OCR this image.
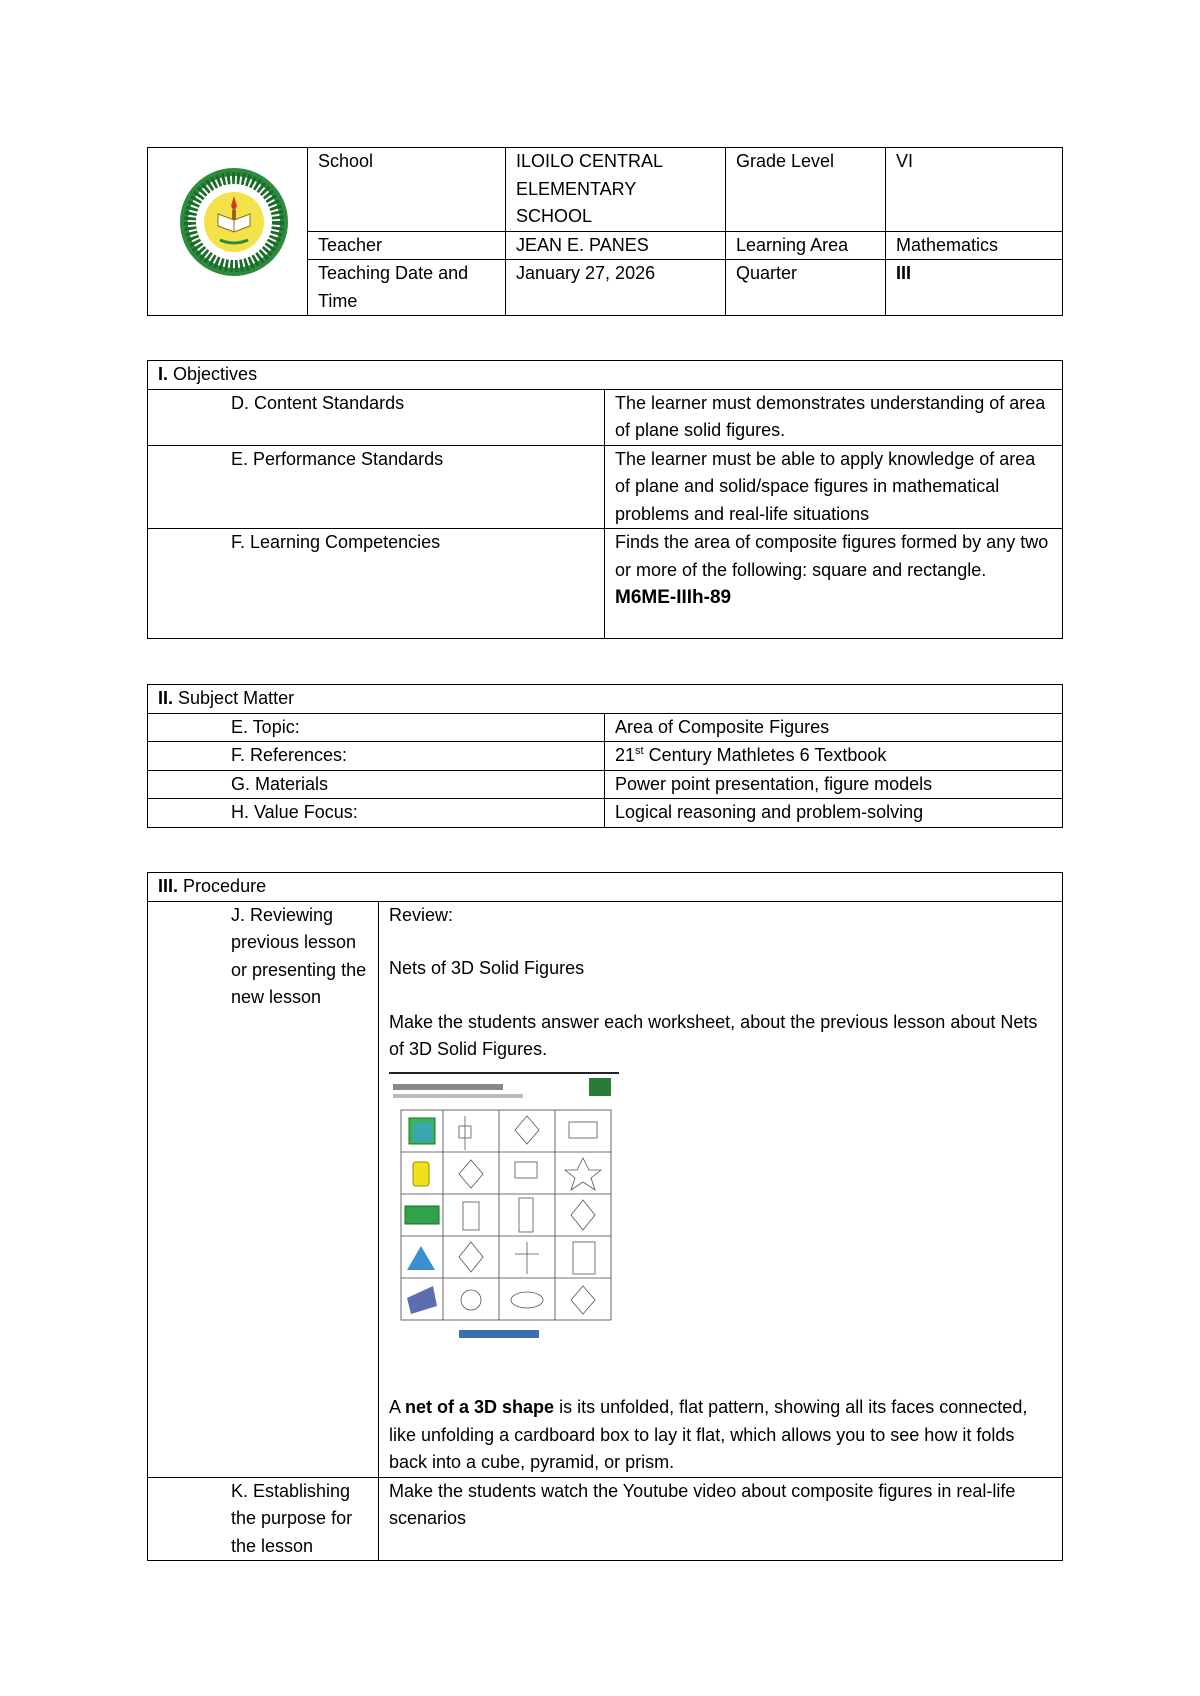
	School	ILOILO CENTRAL ELEMENTARY SCHOOL	Grade Level	VI
	Teacher	JEAN E. PANES	Learning Area	Mathematics
	Teaching Date and Time	January 27, 2026	Quarter	III
I. Objectives	
D. Content Standards	The learner must demonstrates understanding of area of plane solid figures.
E. Performance Standards	The learner must be able to apply knowledge of area of plane and solid/space figures in mathematical problems and real-life situations
F. Learning Competencies	Finds the area of composite figures formed by any two or more of the following: square and rectangle.
M6ME-IIIh-89
II. Subject Matter	
E. Topic:	Area of Composite Figures
F. References:	21st Century Mathletes 6 Textbook
G. Materials	Power point presentation, figure models
H. Value Focus:	Logical reasoning and problem-solving
III. Procedure	
J. Reviewing previous lesson or presenting the new lesson	Review:
Nets of 3D Solid Figures
Make the students answer each worksheet, about the previous lesson about Nets of 3D Solid Figures.
A net of a 3D shape is its unfolded, flat pattern, showing all its faces connected, like unfolding a cardboard box to lay it flat, which allows you to see how it folds back into a cube, pyramid, or prism.

K. Establishing the purpose for the lesson	Make the students watch the Youtube video about composite figures in real-life scenarios
